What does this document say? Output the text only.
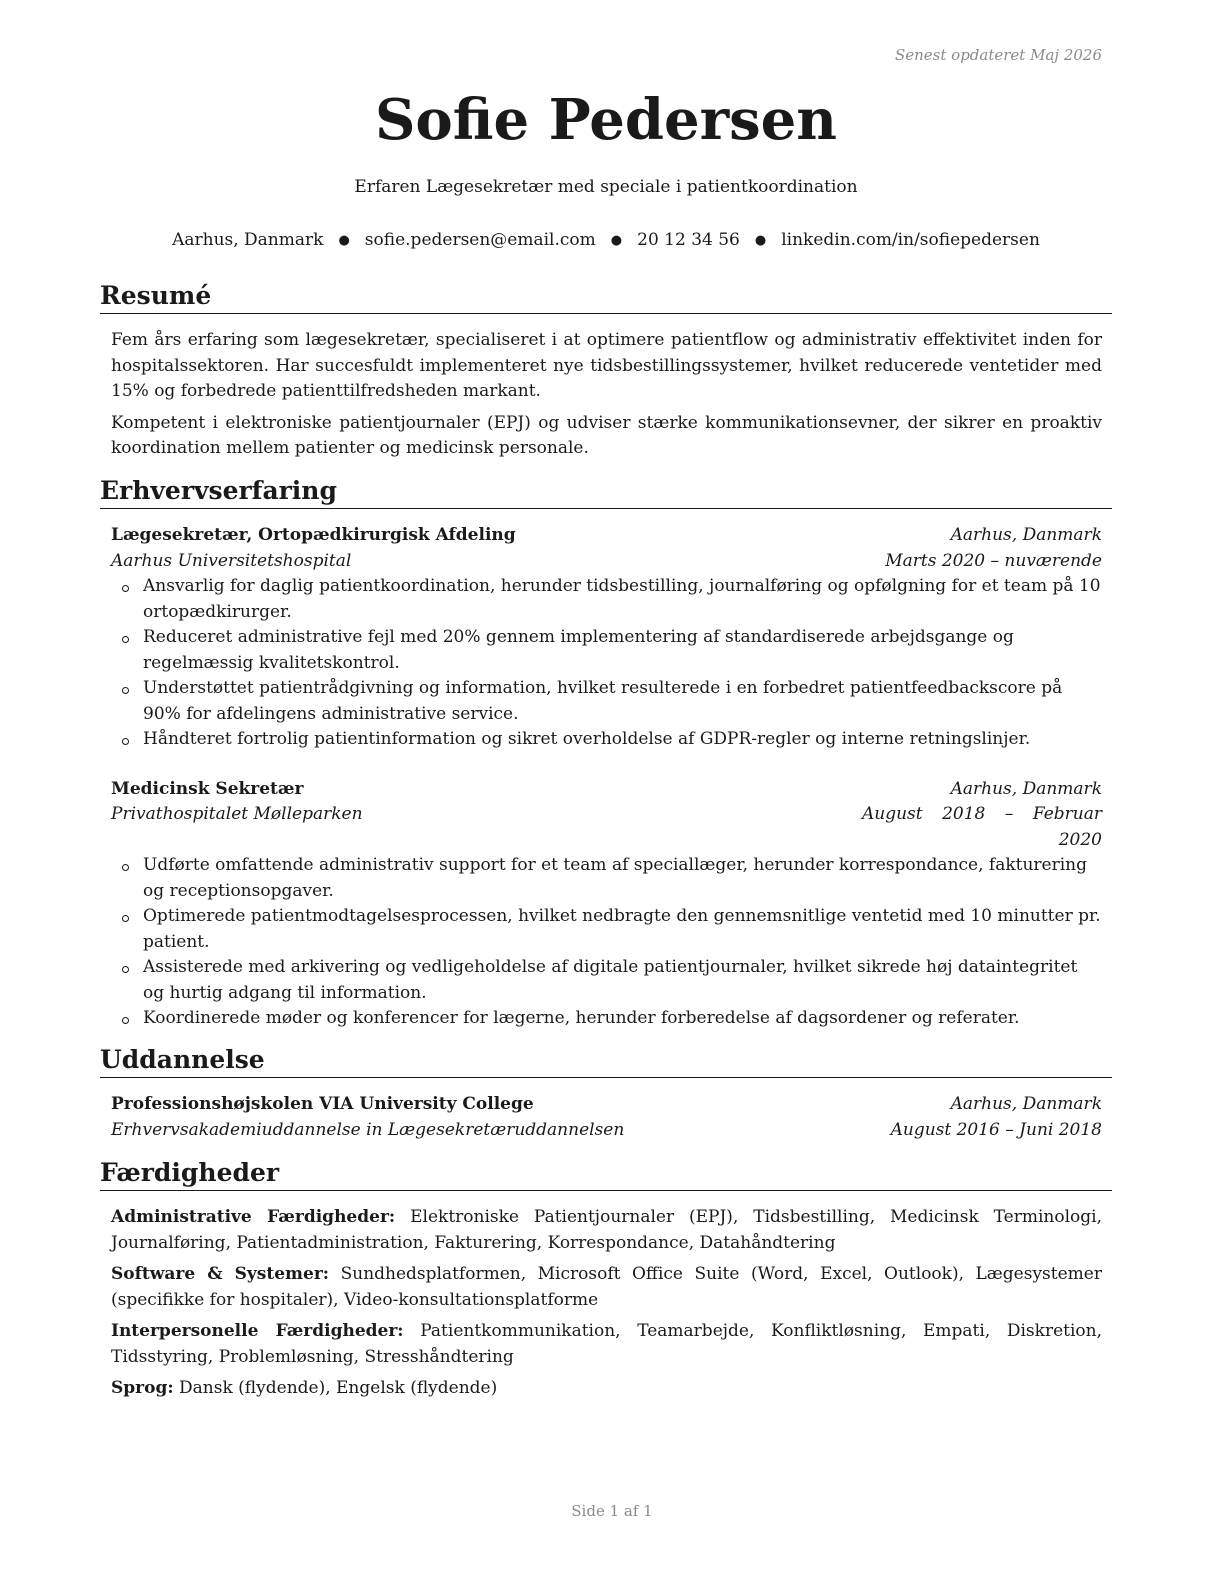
Senest opdateret Maj 2026
Sofie Pedersen
Erfaren Lægesekretær med speciale i patientkoordination
Aarhus, Danmark ● sofie.pedersen@email.com ● 20 12 34 56 ● linkedin.com/in/sofiepedersen
Resumé

Fem års erfaring som lægesekretær, specialiseret i at optimere patientflow og administrativ effektivitet inden for hospitalssektoren. Har succesfuldt implementeret nye tidsbestillingssystemer, hvilket reducerede ventetider med 15% og forbedrede patienttilfredsheden markant.

Kompetent i elektroniske patientjournaler (EPJ) og udviser stærke kommunikationsevner, der sikrer en proaktiv koordination mellem patienter og medicinsk personale.

Erhvervserfaring
Lægesekretær, Ortopædkirurgisk Afdeling	Aarhus, Danmark
Aarhus Universitetshospital	Marts 2020 – nuværende
Ansvarlig for daglig patientkoordination, herunder tidsbestilling, journalføring og opfølgning for et team på 10 ortopædkirurger.
Reduceret administrative fejl med 20% gennem implementering af standardiserede arbejdsgange og regelmæssig kvalitetskontrol.
Understøttet patientrådgivning og information, hvilket resulterede i en forbedret patientfeedbackscore på 90% for afdelingens administrative service.
Håndteret fortrolig patientinformation og sikret overholdelse af GDPR-regler og interne retningslinjer.
Medicinsk Sekretær	Aarhus, Danmark
Privathospitalet Mølleparken	August 2018 – Februar 2020
Udførte omfattende administrativ support for et team af speciallæger, herunder korrespondance, fakturering og receptionsopgaver.
Optimerede patientmodtagelsesprocessen, hvilket nedbragte den gennemsnitlige ventetid med 10 minutter pr. patient.
Assisterede med arkivering og vedligeholdelse af digitale patientjournaler, hvilket sikrede høj dataintegritet og hurtig adgang til information.
Koordinerede møder og konferencer for lægerne, herunder forberedelse af dagsordener og referater.
Uddannelse
Professionshøjskolen VIA University College	Aarhus, Danmark
Erhvervsakademiuddannelse in Lægesekretæruddannelsen	August 2016 – Juni 2018
Færdigheder

Administrative Færdigheder: Elektroniske Patientjournaler (EPJ), Tidsbestilling, Medicinsk Terminologi, Journalføring, Patientadministration, Fakturering, Korrespondance, Datahåndtering

Software & Systemer: Sundhedsplatformen, Microsoft Office Suite (Word, Excel, Outlook), Lægesystemer (specifikke for hospitaler), Video-konsultationsplatforme

Interpersonelle Færdigheder: Patientkommunikation, Teamarbejde, Konfliktløsning, Empati, Diskretion, Tidsstyring, Problemløsning, Stresshåndtering

Sprog: Dansk (flydende), Engelsk (flydende)

Side 1 af 1
